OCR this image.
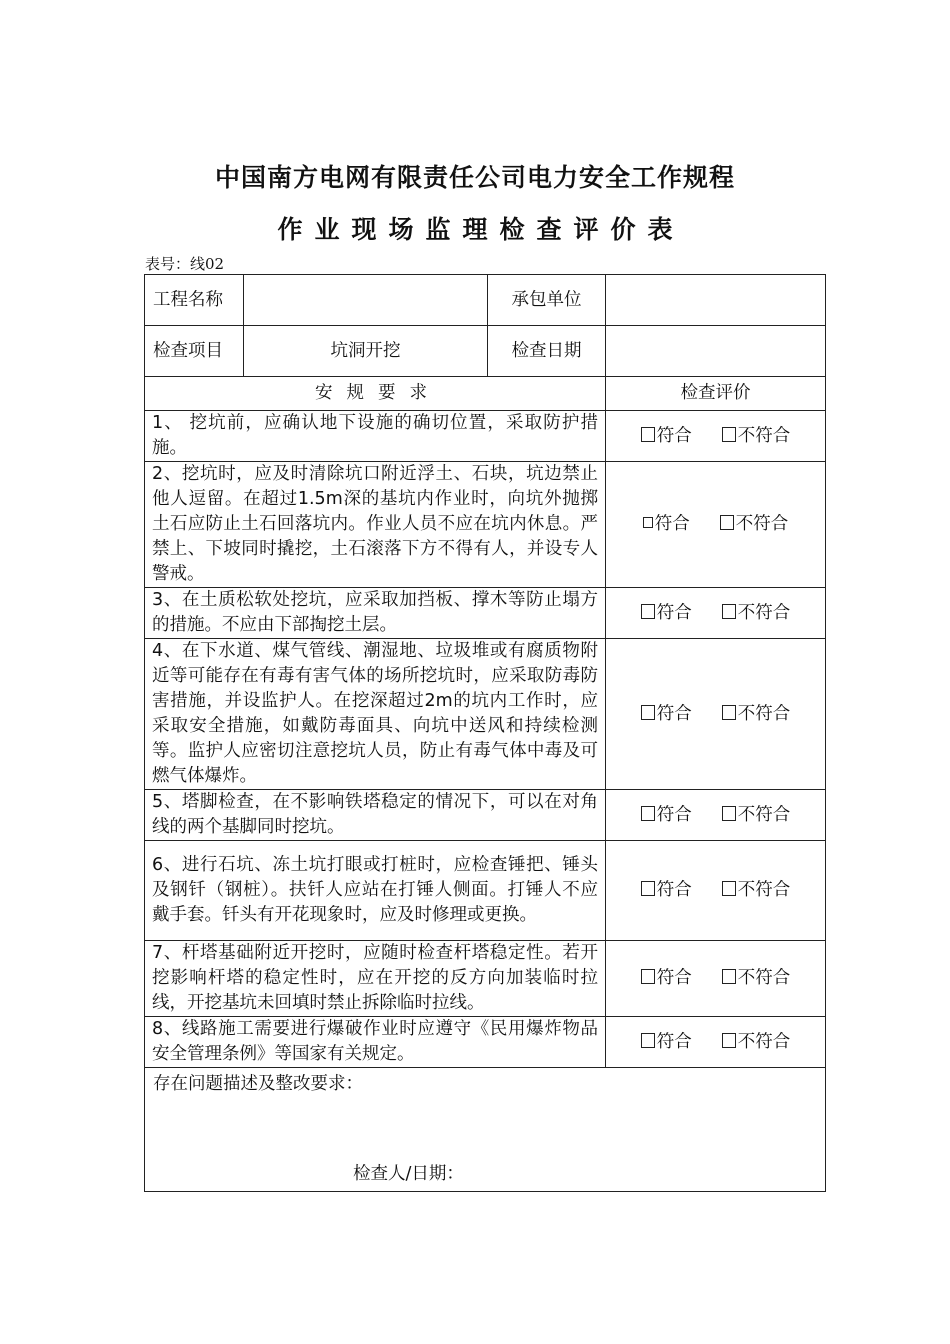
中国南方电网有限责任公司电力安全工作规程
作业现场监理检查评价表
表号：线02
工程名称		承包单位	
检查项目	坑洞开挖	检查日期	
安规要求			检查评价
1、 挖坑前，应确认地下设施的确切位置，采取防护措施。			符合 不符合
2、挖坑时，应及时清除坑口附近浮土、石块，坑边禁止他人逗留。在超过1.5m深的基坑内作业时，向坑外抛掷土石应防止土石回落坑内。作业人员不应在坑内休息。严禁上、下坡同时撬挖，土石滚落下方不得有人，并设专人警戒。			符合 不符合
3、在土质松软处挖坑，应采取加挡板、撑木等防止塌方的措施。不应由下部掏挖土层。			符合 不符合
4、在下水道、煤气管线、潮湿地、垃圾堆或有腐质物附近等可能存在有毒有害气体的场所挖坑时，应采取防毒防害措施，并设监护人。在挖深超过2m的坑内工作时，应采取安全措施，如戴防毒面具、向坑中送风和持续检测等。监护人应密切注意挖坑人员，防止有毒气体中毒及可燃气体爆炸。			符合 不符合
5、塔脚检查，在不影响铁塔稳定的情况下，可以在对角线的两个基脚同时挖坑。			符合 不符合
6、进行石坑、冻土坑打眼或打桩时，应检查锤把、锤头及钢钎（钢桩）。扶钎人应站在打锤人侧面。打锤人不应戴手套。钎头有开花现象时，应及时修理或更换。			符合 不符合
7、杆塔基础附近开挖时，应随时检查杆塔稳定性。若开挖影响杆塔的稳定性时，应在开挖的反方向加装临时拉线，开挖基坑未回填时禁止拆除临时拉线。			符合 不符合
8、线路施工需要进行爆破作业时应遵守《民用爆炸物品安全管理条例》等国家有关规定。			符合 不符合

存在问题描述及整改要求：
检查人/日期：			
